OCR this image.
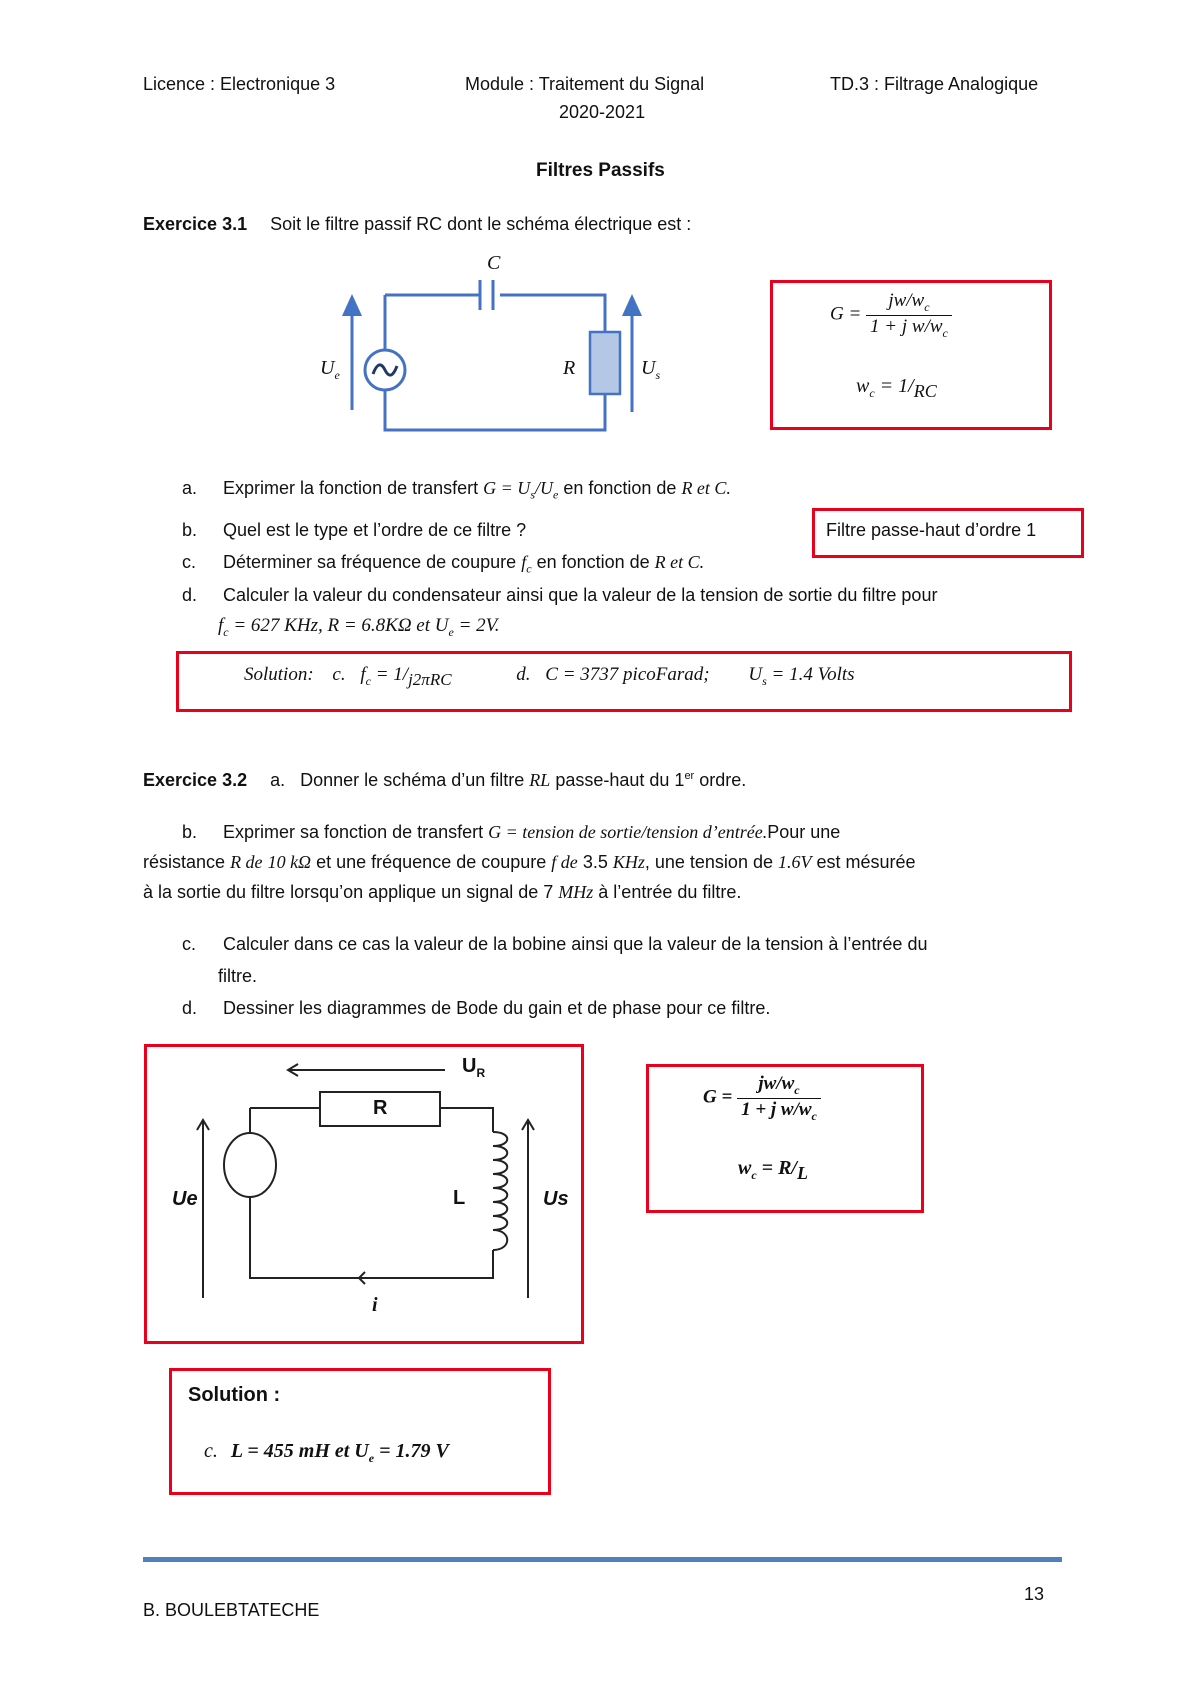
Licence : Electronique 3	Module : Traitement du Signal	TD.3 : Filtrage Analogique
2020-2021
Filtres Passifs
Exercice 3.1 Soit le filtre passif RC dont le schéma électrique est :
C
R
$U_e$	$U_s$
$G = \frac{jw/w_c}{1 + j w/w_c}$
$w_c = 1/_{RC}$
a. Exprimer la fonction de transfert $G = U_s/U_e$ en fonction de R et C.
b. Quel est le type et l’ordre de ce filtre ?	Filtre passe-haut d’ordre 1
c. Déterminer sa fréquence de coupure $f_c$ en fonction de R et C.
d. Calculer la valeur du condensateur ainsi que la valeur de la tension de sortie du filtre pour
$f_c = 627$ KHz, R = 6.8KΩ et $U_e = 2V$.
Solution: c. $f_c = 1/_{j2\pi RC}$	d. C = 3737 picoFarad; $U_s = 1.4$ Volts
Exercice 3.2 a. Donner le schéma d’un filtre RL passe-haut du 1er ordre.
b. Exprimer sa fonction de transfert G = tension de sortie/tension d’entrée.Pour une
résistance R de 10 kΩ et une fréquence de coupure f de 3.5 KHz, une tension de 1.6V est mésurée
à la sortie du filtre lorsqu’on applique un signal de 7 MHz à l’entrée du filtre.
c. Calculer dans ce cas la valeur de la bobine ainsi que la valeur de la tension à l’entrée du
filtre.
d. Dessiner les diagrammes de Bode du gain et de phase pour ce filtre.
$U_R$
R
L
Ue	Us
i
$G = \frac{jw/w_c}{1 + j w/w_c}$
$w_c = R/_L$
Solution :
c. L = 455 mH et $U_e = 1.79$ V
13
B. BOULEBTATECHE
